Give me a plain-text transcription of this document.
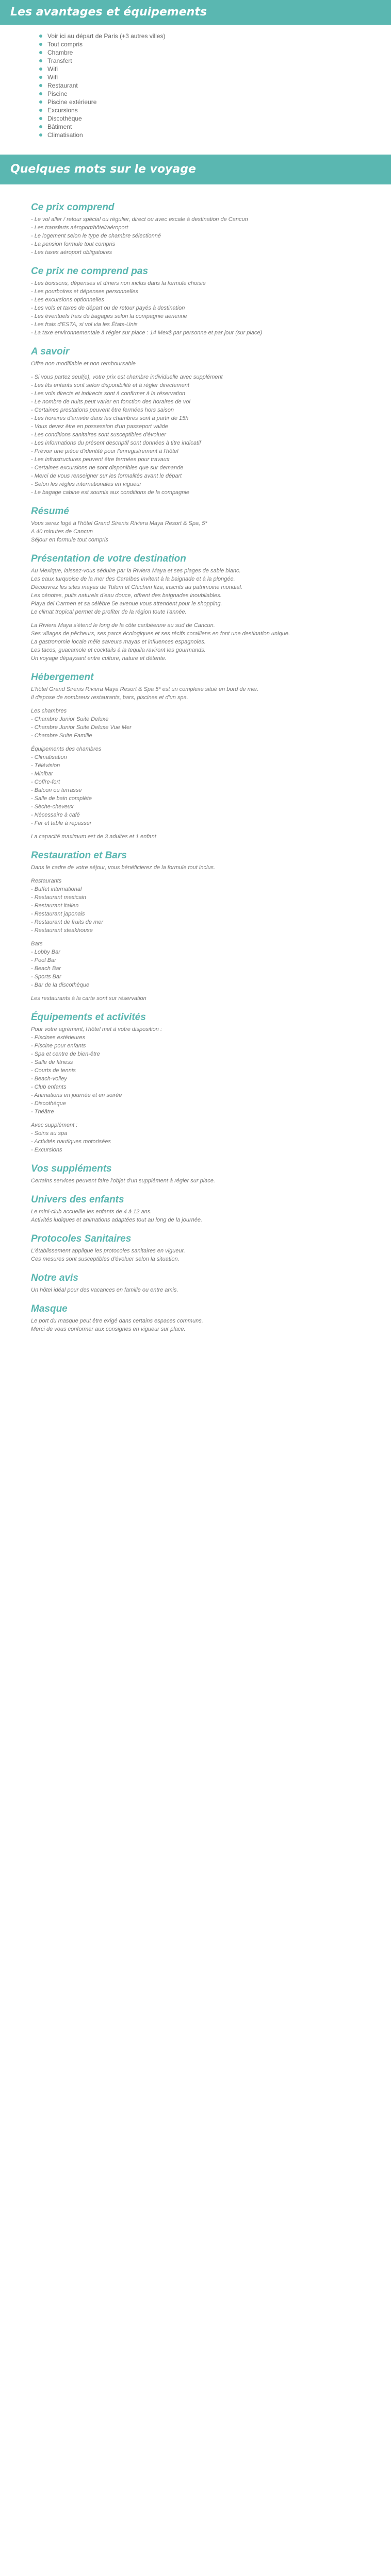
Les avantages et équipements
Voir ici au départ de Paris (+3 autres villes)
Tout compris
Chambre
Transfert
Wifi
Wifi
Restaurant
Piscine
Piscine extérieure
Excursions
Discothèque
Bâtiment
Climatisation
Quelques mots sur le voyage
Ce prix comprend

- Le vol aller / retour spécial ou régulier, direct ou avec escale à destination de Cancun

- Les transferts aéroport/hôtel/aéroport

- Le logement selon le type de chambre sélectionné

- La pension formule tout compris

- Les taxes aéroport obligatoires

Ce prix ne comprend pas

- Les boissons, dépenses et dîners non inclus dans la formule choisie

- Les pourboires et dépenses personnelles

- Les excursions optionnelles

- Les vols et taxes de départ ou de retour payés à destination

- Les éventuels frais de bagages selon la compagnie aérienne

- Les frais d'ESTA, si vol via les États-Unis

- La taxe environnementale à régler sur place : 14 Mex$ par personne et par jour (sur place)

A savoir

Offre non modifiable et non remboursable

- Si vous partez seul(e), votre prix est chambre individuelle avec supplément

- Les lits enfants sont selon disponibilité et à régler directement

- Les vols directs et indirects sont à confirmer à la réservation

- Le nombre de nuits peut varier en fonction des horaires de vol

- Certaines prestations peuvent être fermées hors saison

- Les horaires d'arrivée dans les chambres sont à partir de 15h

- Vous devez être en possession d'un passeport valide

- Les conditions sanitaires sont susceptibles d'évoluer

- Les informations du présent descriptif sont données à titre indicatif

- Prévoir une pièce d'identité pour l'enregistrement à l'hôtel

- Les infrastructures peuvent être fermées pour travaux

- Certaines excursions ne sont disponibles que sur demande

- Merci de vous renseigner sur les formalités avant le départ

- Selon les règles internationales en vigueur

- Le bagage cabine est soumis aux conditions de la compagnie

Résumé

Vous serez logé à l'hôtel Grand Sirenis Riviera Maya Resort & Spa, 5*

A 40 minutes de Cancun

Séjour en formule tout compris

Présentation de votre destination

Au Mexique, laissez-vous séduire par la Riviera Maya et ses plages de sable blanc.

Les eaux turquoise de la mer des Caraïbes invitent à la baignade et à la plongée.

Découvrez les sites mayas de Tulum et Chichen Itza, inscrits au patrimoine mondial.

Les cénotes, puits naturels d'eau douce, offrent des baignades inoubliables.

Playa del Carmen et sa célèbre 5e avenue vous attendent pour le shopping.

Le climat tropical permet de profiter de la région toute l'année.

La Riviera Maya s'étend le long de la côte caribéenne au sud de Cancun.

Ses villages de pêcheurs, ses parcs écologiques et ses récifs coralliens en font une destination unique.

La gastronomie locale mêle saveurs mayas et influences espagnoles.

Les tacos, guacamole et cocktails à la tequila raviront les gourmands.

Un voyage dépaysant entre culture, nature et détente.

Hébergement

L'hôtel Grand Sirenis Riviera Maya Resort & Spa 5* est un complexe situé en bord de mer.

Il dispose de nombreux restaurants, bars, piscines et d'un spa.

Les chambres

- Chambre Junior Suite Deluxe

- Chambre Junior Suite Deluxe Vue Mer

- Chambre Suite Famille

Équipements des chambres

- Climatisation

- Télévision

- Minibar

- Coffre-fort

- Balcon ou terrasse

- Salle de bain complète

- Sèche-cheveux

- Nécessaire à café

- Fer et table à repasser

La capacité maximum est de 3 adultes et 1 enfant

Restauration et Bars

Dans le cadre de votre séjour, vous bénéficierez de la formule tout inclus.

Restaurants

- Buffet international

- Restaurant mexicain

- Restaurant italien

- Restaurant japonais

- Restaurant de fruits de mer

- Restaurant steakhouse

Bars

- Lobby Bar

- Pool Bar

- Beach Bar

- Sports Bar

- Bar de la discothèque

Les restaurants à la carte sont sur réservation

Équipements et activités

Pour votre agrément, l'hôtel met à votre disposition :

- Piscines extérieures

- Piscine pour enfants

- Spa et centre de bien-être

- Salle de fitness

- Courts de tennis

- Beach-volley

- Club enfants

- Animations en journée et en soirée

- Discothèque

- Théâtre

Avec supplément :

- Soins au spa

- Activités nautiques motorisées

- Excursions

Vos suppléments

Certains services peuvent faire l'objet d'un supplément à régler sur place.

Univers des enfants

Le mini-club accueille les enfants de 4 à 12 ans.

Activités ludiques et animations adaptées tout au long de la journée.

Protocoles Sanitaires

L'établissement applique les protocoles sanitaires en vigueur.

Ces mesures sont susceptibles d'évoluer selon la situation.

Notre avis

Un hôtel idéal pour des vacances en famille ou entre amis.

Masque

Le port du masque peut être exigé dans certains espaces communs.

Merci de vous conformer aux consignes en vigueur sur place.
